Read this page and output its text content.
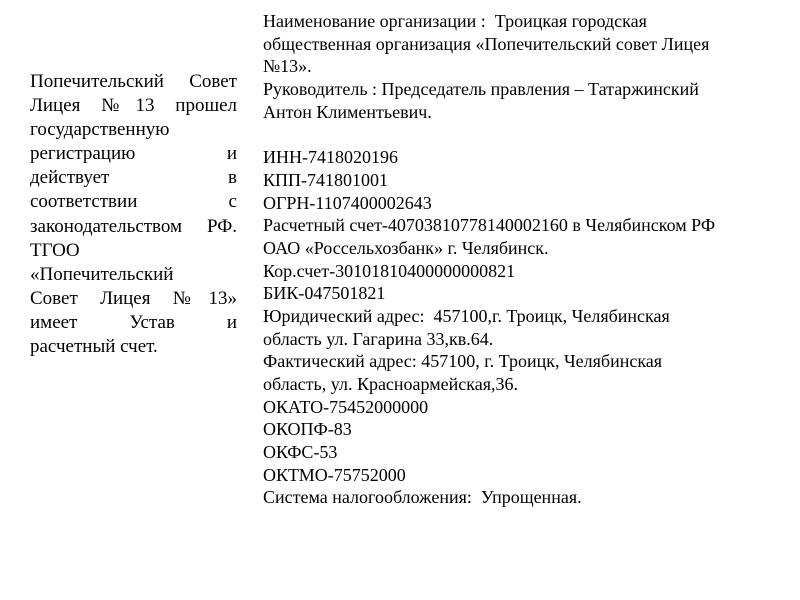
Попечительский Совет
Лицея №13 прошел
государственную
регистрацию и
действует в
соответствии с
законодательством РФ.
ТГОО
«Попечительский
Совет Лицея №13»
имеет Устав и
расчетный счет.
Наименование организации :  Троицкая городская
общественная организация «Попечительский совет Лицея
№13».
Руководитель : Председатель правления – Татаржинский
Антон Климентьевич.
ИНН-7418020196
КПП-741801001
ОГРН-1107400002643
Расчетный счет-40703810778140002160 в Челябинском РФ
ОАО «Россельхозбанк» г. Челябинск.
Кор.счет-30101810400000000821
БИК-047501821
Юридический адрес:  457100,г. Троицк, Челябинская
область ул. Гагарина 33,кв.64.
Фактический адрес: 457100, г. Троицк, Челябинская
область, ул. Красноармейская,36.
ОКАТО-75452000000
ОКОПФ-83
ОКФС-53
ОКТМО-75752000
Система налогообложения:  Упрощенная.
